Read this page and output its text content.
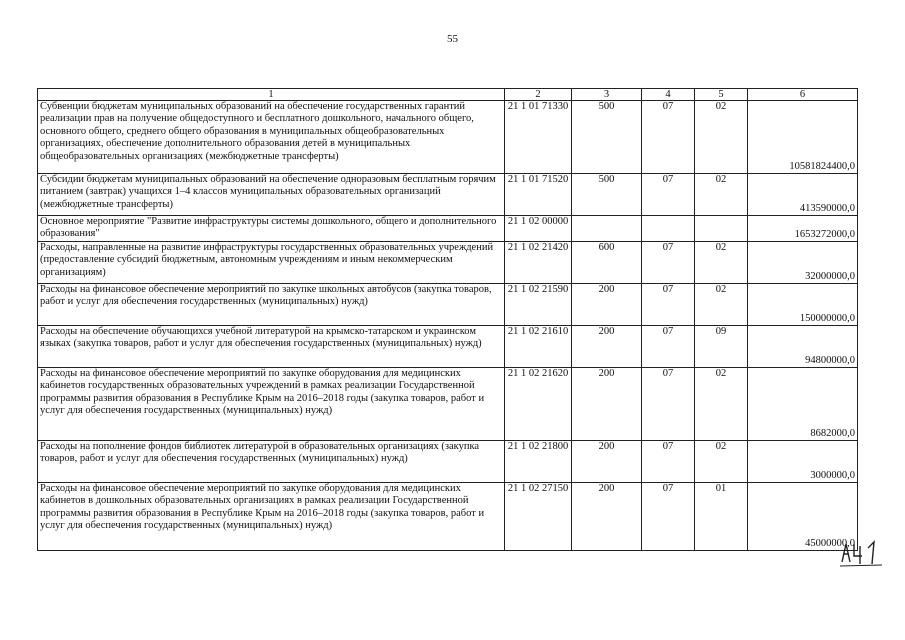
55
1	2	3	4	5	6
Субвенции бюджетам муниципальных образований на обеспечение государственных гарантий реализации прав на получение общедоступного и бесплатного дошкольного, начального общего, основного общего, среднего общего образования в муниципальных общеобразовательных организациях, обеспечение дополнительного образования детей в муниципальных общеобразовательных организациях (межбюджетные трансферты)	21 1 01 71330	500	07	02	10581824400,0
Субсидии бюджетам муниципальных образований на обеспечение одноразовым бесплатным горячим питанием (завтрак) учащихся 1–4 классов муниципальных образовательных организаций (межбюджетные трансферты)	21 1 01 71520	500	07	02	413590000,0
Основное мероприятие "Развитие инфраструктуры системы дошкольного, общего и дополнительного образования"	21 1 02 00000				1653272000,0
Расходы, направленные на развитие инфраструктуры государственных образовательных учреждений (предоставление субсидий бюджетным, автономным учреждениям и иным некоммерческим организациям)	21 1 02 21420	600	07	02	32000000,0
Расходы на финансовое обеспечение мероприятий по закупке школьных автобусов (закупка товаров, работ и услуг для обеспечения государственных (муниципальных) нужд)	21 1 02 21590	200	07	02	150000000,0
Расходы на обеспечение обучающихся учебной литературой на крымско-татарском и украинском языках (закупка товаров, работ и услуг для обеспечения государственных (муниципальных) нужд)	21 1 02 21610	200	07	09	94800000,0
Расходы на финансовое обеспечение мероприятий по закупке оборудования для медицинских кабинетов государственных образовательных учреждений в рамках реализации Государственной программы развития образования в Республике Крым на 2016–2018 годы (закупка товаров, работ и услуг для обеспечения государственных (муниципальных) нужд)	21 1 02 21620	200	07	02	8682000,0
Расходы на пополнение фондов библиотек литературой в образовательных организациях (закупка товаров, работ и услуг для обеспечения государственных (муниципальных) нужд)	21 1 02 21800	200	07	02	3000000,0
Расходы на финансовое обеспечение мероприятий по закупке оборудования для медицинских кабинетов в дошкольных образовательных организациях в рамках реализации Государственной программы развития образования в Республике Крым на 2016–2018 годы (закупка товаров, работ и услуг для обеспечения государственных (муниципальных) нужд)	21 1 02 27150	200	07	01	45000000,0
